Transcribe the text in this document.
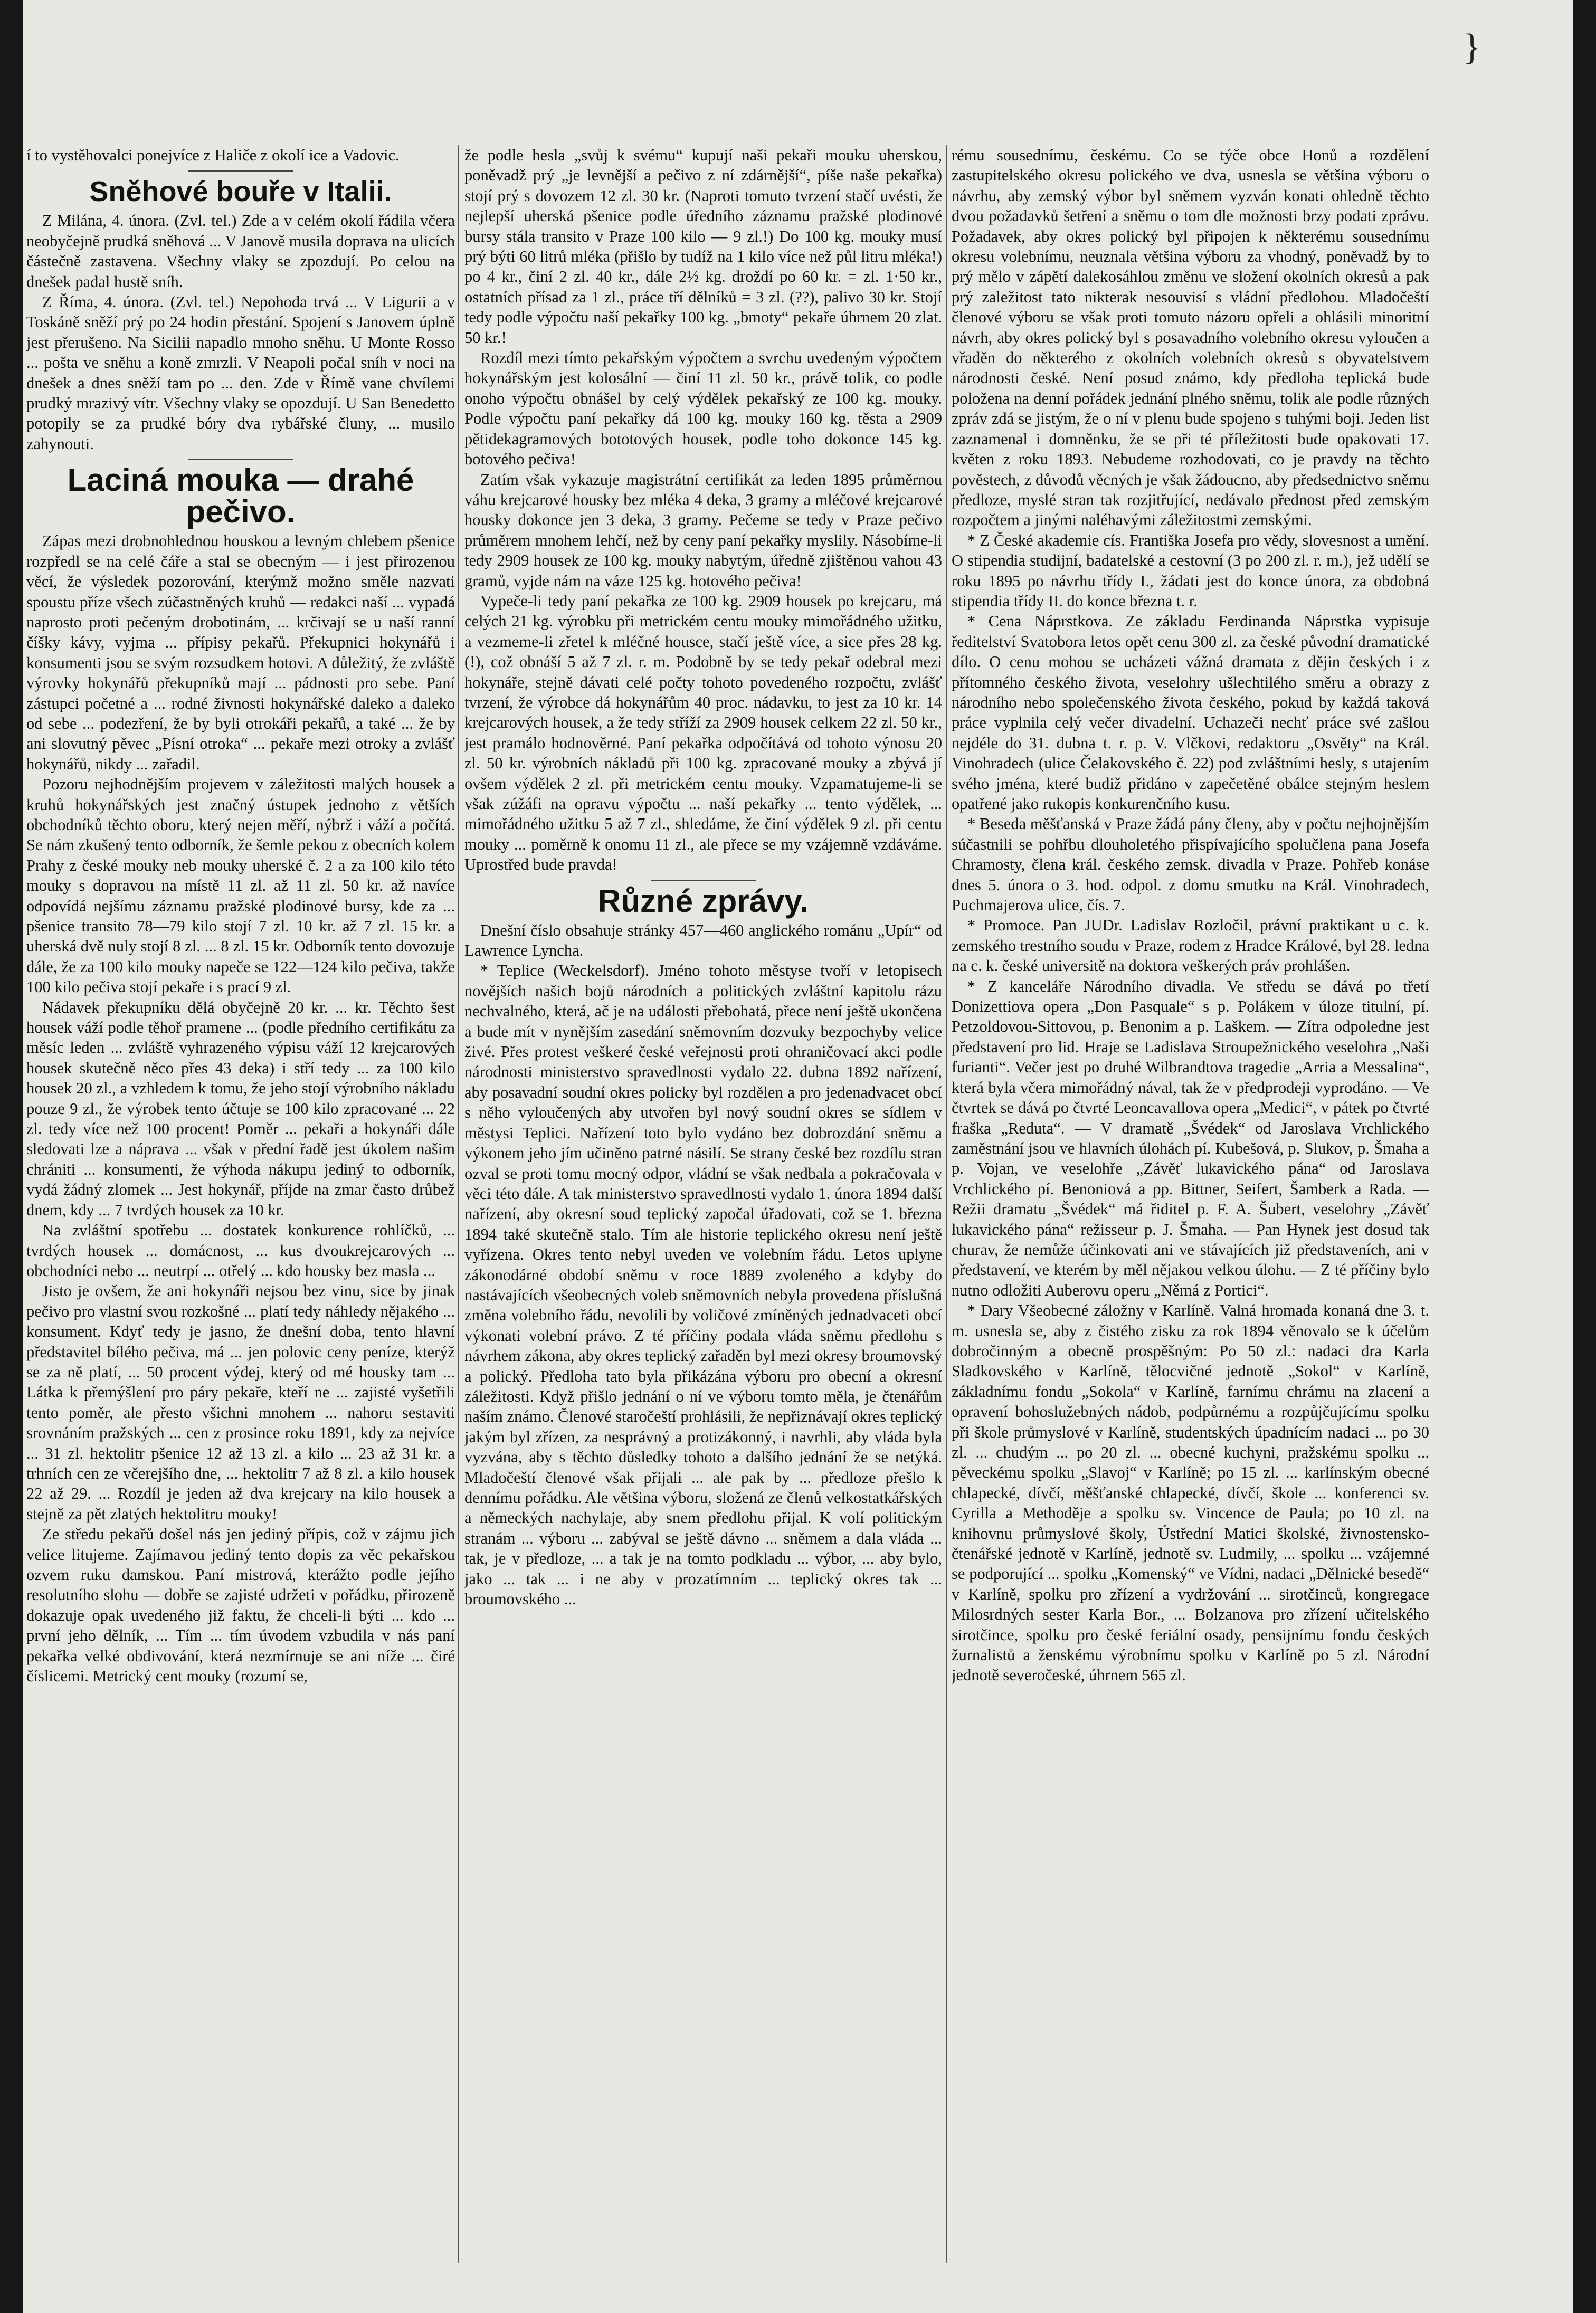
}

í to vystěhovalci ponejvíce z Haliče z okolí ice a Vadovic.

Sněhové bouře v Italii.

Z Milána, 4. února. (Zvl. tel.) Zde a v celém okolí řádila včera neobyčejně prudká sněhová ... V Janově musila doprava na ulicích částečně zastavena. Všechny vlaky se zpozdují. Po celou na dnešek padal hustě sníh.

Z Říma, 4. února. (Zvl. tel.) Nepohoda trvá ... V Ligurii a v Toskáně sněží prý po 24 hodin přestání. Spojení s Janovem úplně jest přerušeno. Na Sicilii napadlo mnoho sněhu. U Monte Rosso ... pošta ve sněhu a koně zmrzli. V Neapoli počal sníh v noci na dnešek a dnes sněží tam po ... den. Zde v Římě vane chvílemi prudký mrazivý vítr. Všechny vlaky se opozdují. U San Benedetto potopily se za prudké bóry dva rybářské čluny, ... musilo zahynouti.

Laciná mouka — drahé pečivo.

Zápas mezi drobnohlednou houskou a levným chlebem pšenice rozpředl se na celé čáře a stal se obecným — i jest přirozenou věcí, že výsledek pozorování, kterýmž možno směle nazvati spoustu příze všech zúčastněných kruhů — redakci naší ... vypadá naprosto proti pečeným drobotinám, ... krčivají se u naší ranní číšky kávy, vyjma ... přípisy pekařů. Překupnici hokynářů i konsumenti jsou se svým rozsudkem hotovi. A důležitý, že zvláště výrovky hokynářů překupníků mají ... pádnosti pro sebe. Paní zástupci početné a ... rodné živnosti hokynářské daleko a daleko od sebe ... podezření, že by byli otrokáři pekařů, a také ... že by ani slovutný pěvec „Písní otroka“ ... pekaře mezi otroky a zvlášť hokynářů, nikdy ... zařadil.

Pozoru nejhodnějším projevem v záležitosti malých housek a kruhů hokynářských jest značný ústupek jednoho z větších obchodníků těchto oboru, který nejen měří, nýbrž i váží a počítá. Se nám zkušený tento odborník, že šemle pekou z obecních kolem Prahy z české mouky neb mouky uherské č. 2 a za 100 kilo této mouky s dopravou na místě 11 zl. až 11 zl. 50 kr. až navíce odpovídá nejšímu záznamu pražské plodinové bursy, kde za ... pšenice transito 78—79 kilo stojí 7 zl. 10 kr. až 7 zl. 15 kr. a uherská dvě nuly stojí 8 zl. ... 8 zl. 15 kr. Odborník tento dovozuje dále, že za 100 kilo mouky napeče se 122—124 kilo pečiva, takže 100 kilo pečiva stojí pekaře i s prací 9 zl.

Nádavek překupníku dělá obyčejně 20 kr. ... kr. Těchto šest housek váží podle těhoř pramene ... (podle předního certifikátu za měsíc leden ... zvláště vyhrazeného výpisu váží 12 krejcarových housek skutečně něco přes 43 deka) i stří tedy ... za 100 kilo housek 20 zl., a vzhledem k tomu, že jeho stojí výrobního nákladu pouze 9 zl., že výrobek tento účtuje se 100 kilo zpracované ... 22 zl. tedy více než 100 procent! Poměr ... pekaři a hokynáři dále sledovati lze a náprava ... však v přední řadě jest úkolem našim chrániti ... konsumenti, že výhoda nákupu jediný to odborník, vydá žádný zlomek ... Jest hokynář, příjde na zmar často drůbež dnem, kdy ... 7 tvrdých housek za 10 kr.

Na zvláštní spotřebu ... dostatek konkurence rohlíčků, ... tvrdých housek ... domácnost, ... kus dvoukrejcarových ... obchodníci nebo ... neutrpí ... otřelý ... kdo housky bez masla ...

Jisto je ovšem, že ani hokynáři nejsou bez vinu, sice by jinak pečivo pro vlastní svou rozkošné ... platí tedy náhledy nějakého ... konsument. Kdyť tedy je jasno, že dnešní doba, tento hlavní představitel bílého pečiva, má ... jen polovic ceny peníze, kterýž se za ně platí, ... 50 procent výdej, který od mé housky tam ... Látka k přemýšlení pro páry pekaře, kteří ne ... zajisté vyšetřili tento poměr, ale přesto všichni mnohem ... nahoru sestaviti srovnáním pražských ... cen z prosince roku 1891, kdy za nejvíce ... 31 zl. hektolitr pšenice 12 až 13 zl. a kilo ... 23 až 31 kr. a trhních cen ze včerejšího dne, ... hektolitr 7 až 8 zl. a kilo housek 22 až 29. ... Rozdíl je jeden až dva krejcary na kilo housek a stejně za pět zlatých hektolitru mouky!

Ze středu pekařů došel nás jen jediný přípis, což v zájmu jich velice litujeme. Zajímavou jediný tento dopis za věc pekařskou ozvem ruku damskou. Paní mistrová, kterážto podle jejího resolutního slohu — dobře se zajisté udržeti v pořádku, přirozeně dokazuje opak uvedeného již faktu, že chceli-li býti ... kdo ... první jeho dělník, ... Tím ... tím úvodem vzbudila v nás paní pekařka velké obdivování, která nezmírnuje se ani níže ... čiré číslicemi. Metrický cent mouky (rozumí se,

že podle hesla „svůj k svému“ kupují naši pekaři mouku uherskou, poněvadž prý „je levnější a pečivo z ní zdárnější“, píše naše pekařka) stojí prý s dovozem 12 zl. 30 kr. (Naproti tomuto tvrzení stačí uvésti, že nejlepší uherská pšenice podle úředního záznamu pražské plodinové bursy stála transito v Praze 100 kilo — 9 zl.!) Do 100 kg. mouky musí prý býti 60 litrů mléka (přišlo by tudíž na 1 kilo více než půl litru mléka!) po 4 kr., činí 2 zl. 40 kr., dále 2½ kg. droždí po 60 kr. = zl. 1·50 kr., ostatních přísad za 1 zl., práce tří dělníků = 3 zl. (??), palivo 30 kr. Stojí tedy podle výpočtu naší pekařky 100 kg. „bmoty“ pekaře úhrnem 20 zlat. 50 kr.!

Rozdíl mezi tímto pekařským výpočtem a svrchu uvedeným výpočtem hokynářským jest kolosální — činí 11 zl. 50 kr., právě tolik, co podle onoho výpočtu obnášel by celý výdělek pekařský ze 100 kg. mouky. Podle výpočtu paní pekařky dá 100 kg. mouky 160 kg. těsta a 2909 pětidekagramových bototových housek, podle toho dokonce 145 kg. botového pečiva!

Zatím však vykazuje magistrátní certifikát za leden 1895 průměrnou váhu krejcarové housky bez mléka 4 deka, 3 gramy a mléčové krejcarové housky dokonce jen 3 deka, 3 gramy. Pečeme se tedy v Praze pečivo průměrem mnohem lehčí, než by ceny paní pekařky myslily. Násobíme-li tedy 2909 housek ze 100 kg. mouky nabytým, úředně zjištěnou vahou 43 gramů, vyjde nám na váze 125 kg. hotového pečiva!

Vypeče-li tedy paní pekařka ze 100 kg. 2909 housek po krejcaru, má celých 21 kg. výrobku při metrickém centu mouky mimořádného užitku, a vezmeme-li zřetel k mléčné housce, stačí ještě více, a sice přes 28 kg. (!), což obnáší 5 až 7 zl. r. m. Podobně by se tedy pekař odebral mezi hokynáře, stejně dávati celé počty tohoto povedeného rozpočtu, zvlášť tvrzení, že výrobce dá hokynářům 40 proc. nádavku, to jest za 10 kr. 14 krejcarových housek, a že tedy stříží za 2909 housek celkem 22 zl. 50 kr., jest pramálo hodnověrné. Paní pekařka odpočítává od tohoto výnosu 20 zl. 50 kr. výrobních nákladů při 100 kg. zpracované mouky a zbývá jí ovšem výdělek 2 zl. při metrickém centu mouky. Vzpamatujeme-li se však zúžáfi na opravu výpočtu ... naší pekařky ... tento výdělek, ... mimořádného užitku 5 až 7 zl., shledáme, že činí výdělek 9 zl. při centu mouky ... poměrně k onomu 11 zl., ale přece se my vzájemně vzdáváme. Uprostřed bude pravda!

Různé zprávy.

Dnešní číslo obsahuje stránky 457—460 anglického románu „Upír“ od Lawrence Lyncha.

* Teplice (Weckelsdorf). Jméno tohoto městyse tvoří v letopisech novějších našich bojů národních a politických zvláštní kapitolu rázu nechvalného, která, ač je na události přebohatá, přece není ještě ukončena a bude mít v nynějším zasedání sněmovním dozvuky bezpochyby velice živé. Přes protest veškeré české veřejnosti proti ohraničovací akci podle národnosti ministerstvo spravedlnosti vydalo 22. dubna 1892 nařízení, aby posavadní soudní okres policky byl rozdělen a pro jedenadvacet obcí s něho vyloučených aby utvořen byl nový soudní okres se sídlem v městysi Teplici. Nařízení toto bylo vydáno bez dobrozdání sněmu a výkonem jeho jím učiněno patrné násilí. Se strany české bez rozdílu stran ozval se proti tomu mocný odpor, vládní se však nedbala a pokračovala v věci této dále. A tak ministerstvo spravedlnosti vydalo 1. února 1894 další nařízení, aby okresní soud teplický započal úřadovati, což se 1. března 1894 také skutečně stalo. Tím ale historie teplického okresu není ještě vyřízena. Okres tento nebyl uveden ve volebním řádu. Letos uplyne zákonodárné období sněmu v roce 1889 zvoleného a kdyby do nastávajících všeobecných voleb sněmovních nebyla provedena příslušná změna volebního řádu, nevolili by voličové zmíněných jednadvaceti obcí výkonati volební právo. Z té příčiny podala vláda sněmu předlohu s návrhem zákona, aby okres teplický zařaděn byl mezi okresy broumovský a polický. Předloha tato byla přikázána výboru pro obecní a okresní záležitosti. Když přišlo jednání o ní ve výboru tomto měla, je čtenářům naším známo. Členové staročeští prohlásili, že nepřiznávají okres teplický jakým byl zřízen, za nesprávný a protizákonný, i navrhli, aby vláda byla vyzvána, aby s těchto důsledky tohoto a dalšího jednání že se netýká. Mladočeští členové však přijali ... ale pak by ... předloze přešlo k dennímu pořádku. Ale většina výboru, složená ze členů velkostatkářských a německých nachylaje, aby snem předlohu přijal. K volí politickým stranám ... výboru ... zabýval se ještě dávno ... sněmem a dala vláda ... tak, je v předloze, ... a tak je na tomto podkladu ... výbor, ... aby bylo, jako ... tak ... i ne aby v prozatímním ... teplický okres tak ... broumovského ...

rému sousednímu, českému. Co se týče obce Honů a rozdělení zastupitelského okresu polického ve dva, usnesla se většina výboru o návrhu, aby zemský výbor byl sněmem vyzván konati ohledně těchto dvou požadavků šetření a sněmu o tom dle možnosti brzy podati zprávu. Požadavek, aby okres polický byl připojen k některému sousednímu okresu volebnímu, neuznala většina výboru za vhodný, poněvadž by to prý mělo v zápětí dalekosáhlou změnu ve složení okolních okresů a pak prý zaležitost tato nikterak nesouvisí s vládní předlohou. Mladočeští členové výboru se však proti tomuto názoru opřeli a ohlásili minoritní návrh, aby okres polický byl s posavadního volebního okresu vyloučen a vřaděn do některého z okolních volebních okresů s obyvatelstvem národnosti české. Není posud známo, kdy předloha teplická bude položena na denní pořádek jednání plného sněmu, tolik ale podle různých zpráv zdá se jistým, že o ní v plenu bude spojeno s tuhými boji. Jeden list zaznamenal i domněnku, že se při té příležitosti bude opakovati 17. květen z roku 1893. Nebudeme rozhodovati, co je pravdy na těchto pověstech, z důvodů věcných je však žádoucno, aby předsednictvo sněmu předloze, myslé stran tak rozjitřující, nedávalo přednost před zemským rozpočtem a jinými naléhavými záležitostmi zemskými.

* Z České akademie cís. Františka Josefa pro vědy, slovesnost a umění. O stipendia studijní, badatelské a cestovní (3 po 200 zl. r. m.), jež udělí se roku 1895 po návrhu třídy I., žádati jest do konce února, za obdobná stipendia třídy II. do konce března t. r.

* Cena Náprstkova. Ze základu Ferdinanda Náprstka vypisuje ředitelství Svatobora letos opět cenu 300 zl. za české původní dramatické dílo. O cenu mohou se ucházeti vážná dramata z dějin českých i z přítomného českého života, veselohry ušlechtilého směru a obrazy z národního nebo společenského života českého, pokud by každá taková práce vyplnila celý večer divadelní. Uchazeči nechť práce své zašlou nejdéle do 31. dubna t. r. p. V. Vlčkovi, redaktoru „Osvěty“ na Král. Vinohradech (ulice Čelakovského č. 22) pod zvláštními hesly, s utajením svého jména, které budiž přidáno v zapečetěné obálce stejným heslem opatřené jako rukopis konkurenčního kusu.

* Beseda měšťanská v Praze žádá pány členy, aby v počtu nejhojnějším súčastnili se pohřbu dlouholetého přispívajícího spolučlena pana Josefa Chramosty, člena král. českého zemsk. divadla v Praze. Pohřeb konáse dnes 5. února o 3. hod. odpol. z domu smutku na Král. Vinohradech, Puchmajerova ulice, čís. 7.

* Promoce. Pan JUDr. Ladislav Rozločil, právní praktikant u c. k. zemského trestního soudu v Praze, rodem z Hradce Králové, byl 28. ledna na c. k. české universitě na doktora veškerých práv prohlášen.

* Z kanceláře Národního divadla. Ve středu se dává po třetí Donizettiova opera „Don Pasquale“ s p. Polákem v úloze titulní, pí. Petzoldovou-Sittovou, p. Benonim a p. Laškem. — Zítra odpoledne jest představení pro lid. Hraje se Ladislava Stroupežnického veselohra „Naši furianti“. Večer jest po druhé Wilbrandtova tragedie „Arria a Messalina“, která byla včera mimořádný nával, tak že v předprodeji vyprodáno. — Ve čtvrtek se dává po čtvrté Leoncavallova opera „Medici“, v pátek po čtvrté fraška „Reduta“. — V dramatě „Švédek“ od Jaroslava Vrchlického zaměstnání jsou ve hlavních úlohách pí. Kubešová, p. Slukov, p. Šmaha a p. Vojan, ve veselohře „Závěť lukavického pána“ od Jaroslava Vrchlického pí. Benoniová a pp. Bittner, Seifert, Šamberk a Rada. — Režii dramatu „Švédek“ má řiditel p. F. A. Šubert, veselohry „Závěť lukavického pána“ režisseur p. J. Šmaha. — Pan Hynek jest dosud tak churav, že nemůže účinkovati ani ve stávajících již představeních, ani v představení, ve kterém by měl nějakou velkou úlohu. — Z té příčiny bylo nutno odložiti Auberovu operu „Němá z Portici“.

* Dary Všeobecné záložny v Karlíně. Valná hromada konaná dne 3. t. m. usnesla se, aby z čistého zisku za rok 1894 věnovalo se k účelům dobročinným a obecně prospěšným: Po 50 zl.: nadaci dra Karla Sladkovského v Karlíně, tělocvičné jednotě „Sokol“ v Karlíně, základnímu fondu „Sokola“ v Karlíně, farnímu chrámu na zlacení a opravení bohoslužebných nádob, podpůrnému a rozpůjčujícímu spolku při škole průmyslové v Karlíně, studentských úpadnícím nadaci ... po 30 zl. ... chudým ... po 20 zl. ... obecné kuchyni, pražskému spolku ... pěveckému spolku „Slavoj“ v Karlíně; po 15 zl. ... karlínským obecné chlapecké, dívčí, měšťanské chlapecké, dívčí, škole ... konferenci sv. Cyrilla a Methoděje a spolku sv. Vincence de Paula; po 10 zl. na knihovnu průmyslové školy, Ústřední Matici školské, živnostensko-čtenářské jednotě v Karlíně, jednotě sv. Ludmily, ... spolku ... vzájemné se podporující ... spolku „Komenský“ ve Vídni, nadaci „Dělnické besedě“ v Karlíně, spolku pro zřízení a vydržování ... sirotčinců, kongregace Milosrdných sester Karla Bor., ... Bolzanova pro zřízení učitelského sirotčince, spolku pro české feriální osady, pensijnímu fondu českých žurnalistů a ženskému výrobnímu spolku v Karlíně po 5 zl. Národní jednotě severočeské, úhrnem 565 zl.
